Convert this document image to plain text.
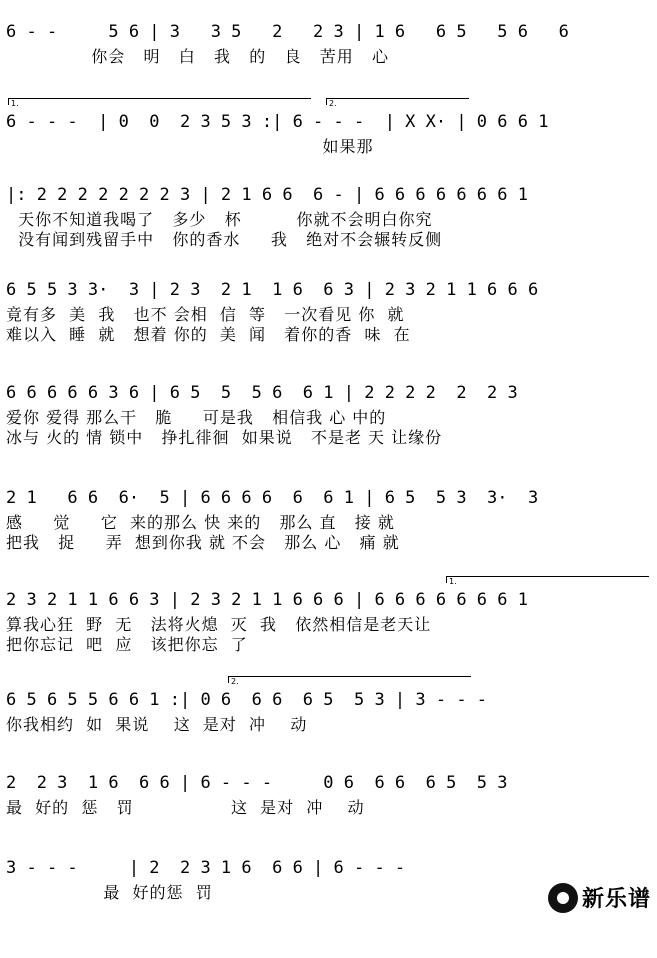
6 - -     5 6 | 3   3 5   2   2 3 | 1 6   6 5   5 6   6
你会   明   白   我   的   良   苦用   心
1.	2.
6 - - -  | 0  0  2 3 5 3 :| 6 - - -  | X X· | 0 6 6 1
如果那
|: 2 2 2 2 2 2 2 3 | 2 1 6 6  6 - | 6 6 6 6 6 6 6 1
天你不知道我喝了   多少   杯         你就不会明白你究
没有闻到残留手中   你的香水     我   绝对不会辗转反侧
6 5 5 3 3·  3 | 2 3  2 1  1 6  6 3 | 2 3 2 1 1 6 6 6
竟有多  美  我   也不 会相  信  等   一次看见 你  就
难以入  睡  就   想着 你的  美  闻   着你的香  味  在
6 6 6 6 6 3 6 | 6 5  5  5 6  6 1 | 2 2 2 2  2  2 3
爱你 爱得 那么干   脆     可是我   相信我 心 中的
冰与 火的 情 锁中   挣扎徘徊  如果说   不是老 天 让缘份
2 1   6 6  6·  5 | 6 6 6 6  6  6 1 | 6 5  5 3  3·  3
感     觉     它  来的那么 快 来的   那么 直   接 就
把我   捉     弄  想到你我 就 不会   那么 心   痛 就
1.
2 3 2 1 1 6 6 3 | 2 3 2 1 1 6 6 6 | 6 6 6 6 6 6 6 1
算我心狂  野  无   法将火熄  灭  我   依然相信是老天让
把你忘记  吧  应   该把你忘  了
2.
6 5 6 5 5 6 6 1 :| 0 6  6 6  6 5  5 3 | 3 - - -
你我相约  如  果说    这  是对  冲    动
2  2 3  1 6  6 6 | 6 - - -     0 6  6 6  6 5  5 3
最  好的  惩   罚                这  是对  冲    动
3 - - -     | 2  2 3 1 6  6 6 | 6 - - -
最  好的惩  罚	新乐谱
